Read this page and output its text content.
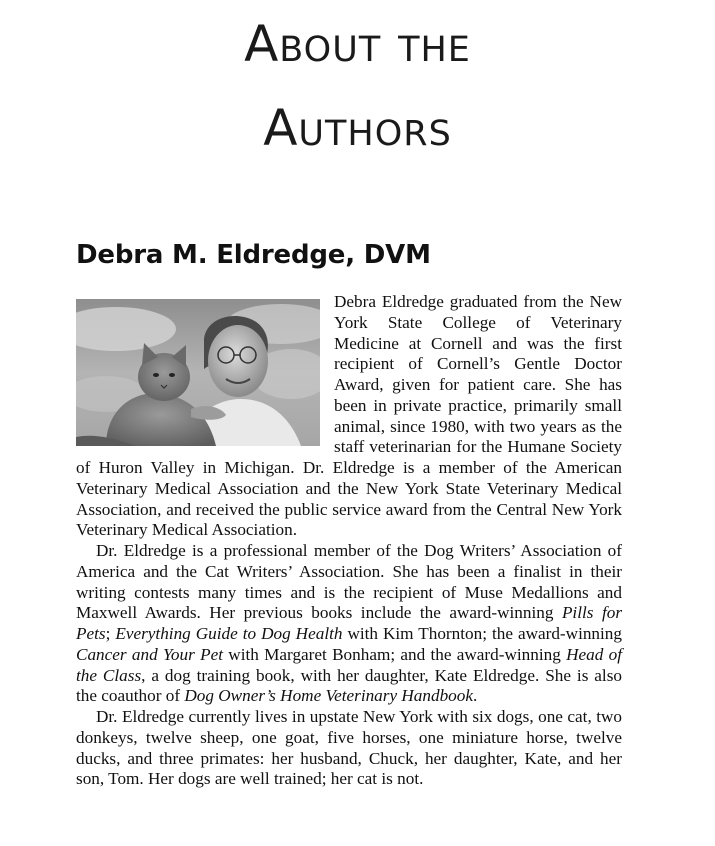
About the
Authors
Debra M. Eldredge, DVM

Debra Eldredge graduated from the New York State College of Veterinary Medicine at Cornell and was the first recipient of Cornell’s Gentle Doctor Award, given for patient care. She has been in private practice, primarily small animal, since 1980, with two years as the staff veterinarian for the Humane Society of Huron Valley in Michigan. Dr. Eldredge is a member of the American Veterinary Medical Association and the New York State Veterinary Medical Association, and received the public service award from the Central New York Veterinary Medical Association.

Dr. Eldredge is a professional member of the Dog Writers’ Association of America and the Cat Writers’ Association. She has been a finalist in their writing contests many times and is the recipient of Muse Medallions and Maxwell Awards. Her previous books include the award-winning Pills for Pets; Everything Guide to Dog Health with Kim Thornton; the award-winning Cancer and Your Pet with Margaret Bonham; and the award-winning Head of the Class, a dog training book, with her daughter, Kate Eldredge. She is also the coauthor of Dog Owner’s Home Veterinary Handbook.

Dr. Eldredge currently lives in upstate New York with six dogs, one cat, two donkeys, twelve sheep, one goat, five horses, one miniature horse, twelve ducks, and three primates: her husband, Chuck, her daughter, Kate, and her son, Tom. Her dogs are well trained; her cat is not.
